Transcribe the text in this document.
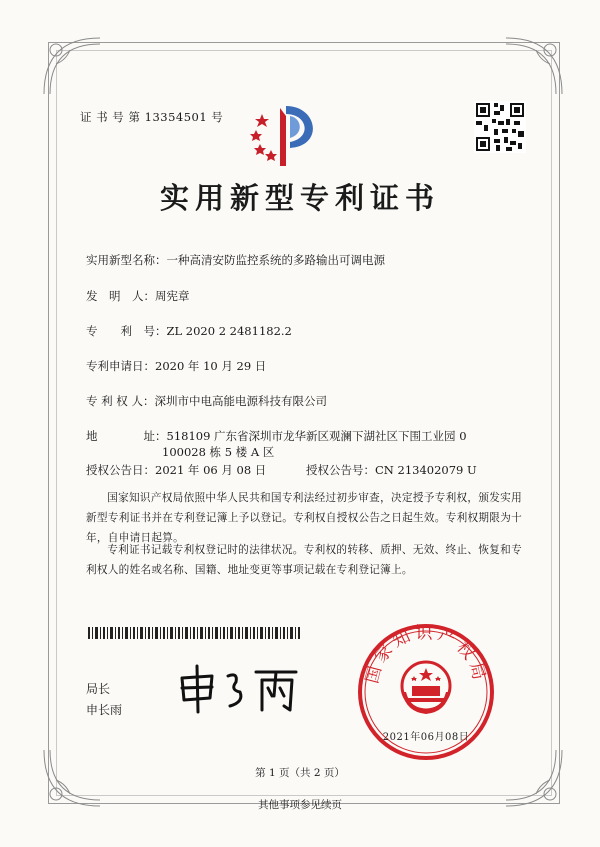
证 书 号 第 13354501 号
实用新型专利证书
实用新型名称：一种高清安防监控系统的多路输出可调电源
发　明　人：周宪章
专　　利　号：ZL 2020 2 2481182.2
专利申请日：2020 年 10 月 29 日
专 利 权 人：深圳市中电高能电源科技有限公司
地　　　　址：518109 广东省深圳市龙华新区观澜下湖社区下围工业园 0
100028 栋 5 楼 A 区
授权公告日：2021 年 06 月 08 日	授权公告号：CN 213402079 U
国家知识产权局依照中华人民共和国专利法经过初步审查，决定授予专利权，颁发实用新型专利证书并在专利登记簿上予以登记。专利权自授权公告之日起生效。专利权期限为十年，自申请日起算。
专利证书记载专利权登记时的法律状况。专利权的转移、质押、无效、终止、恢复和专利权人的姓名或名称、国籍、地址变更等事项记载在专利登记簿上。
局长
申长雨
国家知识产权局
2021年06月08日
第 1 页（共 2 页）
其他事项参见续页
